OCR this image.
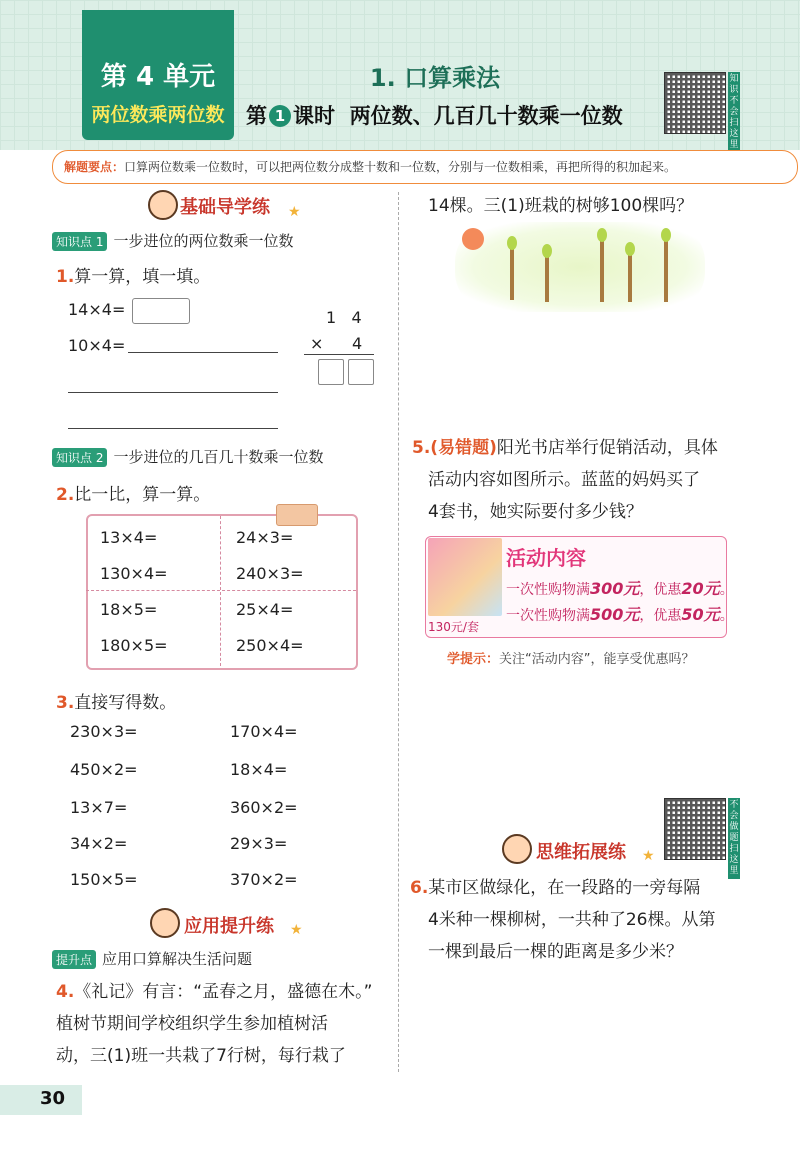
第 4 单元
两位数乘两位数
1. 口算乘法
第 1 课时 两位数、几百几十数乘一位数
知识不会扫这里
解题要点：口算两位数乘一位数时，可以把两位数分成整十数和一位数，分别与一位数相乘，再把所得的积加起来。
基础导学练 ★
知识点 1 一步进位的两位数乘一位数
1.算一算，填一填。
14×4=
10×4=
1   4
× 4
知识点 2 一步进位的几百几十数乘一位数
2.比一比，算一算。
13×4=	24×3=
130×4=	240×3=
18×5=	25×4=
180×5=	250×4=
3.直接写得数。
230×3=	170×4=
450×2=	18×4=
13×7=	360×2=
34×2=	29×3=
150×5=	370×2=
应用提升练 ★
提升点 应用口算解决生活问题
4.《礼记》有言：“孟春之月，盛德在木。”
植树节期间学校组织学生参加植树活
动，三(1)班一共栽了7行树，每行栽了
14棵。三(1)班栽的树够100棵吗？
5.(易错题)阳光书店举行促销活动，具体
活动内容如图所示。蓝蓝的妈妈买了
4套书，她实际要付多少钱？
活动内容
一次性购物满300元，优惠20元。
一次性购物满500元，优惠50元。
130元/套
学提示：关注“活动内容”，能享受优惠吗？
不会做题扫这里
思维拓展练 ★
6.某市区做绿化，在一段路的一旁每隔
4米种一棵柳树，一共种了26棵。从第
一棵到最后一棵的距离是多少米？
30
